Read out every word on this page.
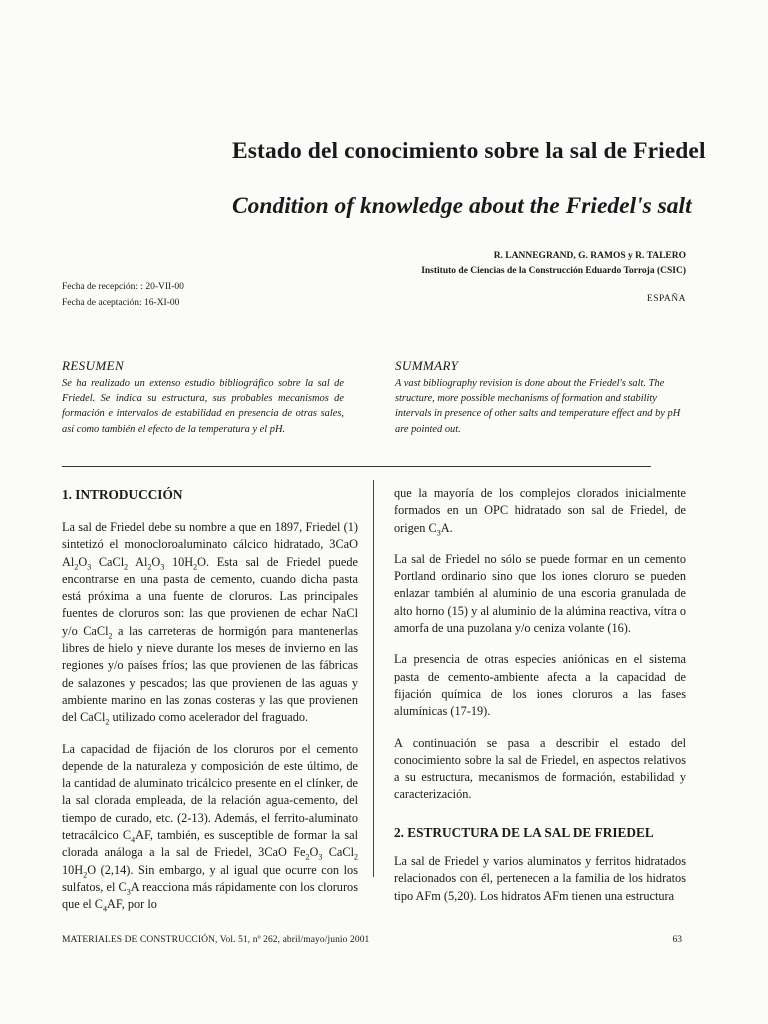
Estado del conocimiento sobre la sal de Friedel
Condition of knowledge about the Friedel's salt
R. LANNEGRAND, G. RAMOS y R. TALERO
Instituto de Ciencias de la Construcción Eduardo Torroja (CSIC)
Fecha de recepción: : 20-VII-00
Fecha de aceptación: 16-XI-00	ESPAÑA
RESUMEN
Se ha realizado un extenso estudio bibliográfico sobre la sal de Friedel. Se indica su estructura, sus probables mecanismos de formación e intervalos de estabilidad en presencia de otras sales, así como también el efecto de la temperatura y el pH.
SUMMARY
A vast bibliography revision is done about the Friedel's salt. The structure, more possible mechanisms of formation and stability intervals in presence of other salts and temperature effect and by pH are pointed out.
1. INTRODUCCIÓN

La sal de Friedel debe su nombre a que en 1897, Friedel (1) sintetizó el monocloroaluminato cálcico hidratado, 3CaO $Al_2O_3$ CaCl$_2$ $Al_2O_3$ $10H_2O$. Esta sal de Friedel puede encontrarse en una pasta de cemento, cuando dicha pasta está próxima a una fuente de cloruros. Las principales fuentes de cloruros son: las que provienen de echar NaCl y/o CaCl$_2$ a las carreteras de hormigón para mantenerlas libres de hielo y nieve durante los meses de invierno en las regiones y/o países fríos; las que provienen de las fábricas de salazones y pescados; las que provienen de las aguas y ambiente marino en las zonas costeras y las que provienen del CaCl$_2$ utilizado como acelerador del fraguado.

La capacidad de fijación de los cloruros por el cemento depende de la naturaleza y composición de este último, de la cantidad de aluminato tricálcico presente en el clínker, de la sal clorada empleada, de la relación agua-cemento, del tiempo de curado, etc. (2-13). Además, el ferrito-aluminato tetracálcico $C_4AF$, también, es susceptible de formar la sal clorada análoga a la sal de Friedel, 3CaO $Fe_2O_3$ CaCl$_2$ $10H_2O$ (2,14). Sin embargo, y al igual que ocurre con los sulfatos, el $C_3A$ reacciona más rápidamente con los cloruros que el $C_4AF$, por lo

que la mayoría de los complejos clorados inicialmente formados en un OPC hidratado son sal de Friedel, de origen $C_3A$.

La sal de Friedel no sólo se puede formar en un cemento Portland ordinario sino que los iones cloruro se pueden enlazar también al aluminio de una escoria granulada de alto horno (15) y al aluminio de la alúmina reactiva, vítra o amorfa de una puzolana y/o ceniza volante (16).

La presencia de otras especies aniónicas en el sistema pasta de cemento-ambiente afecta a la capacidad de fijación química de los iones cloruros a las fases alumínicas (17-19).

A continuación se pasa a describir el estado del conocimiento sobre la sal de Friedel, en aspectos relativos a su estructura, mecanismos de formación, estabilidad y caracterización.

2. ESTRUCTURA DE LA SAL DE FRIEDEL

La sal de Friedel y varios aluminatos y ferritos hidratados relacionados con él, pertenecen a la familia de los hidratos tipo AFm (5,20). Los hidratos AFm tienen una estructura

MATERIALES DE CONSTRUCCIÓN, Vol. 51, nº 262, abril/mayo/junio 2001	63
